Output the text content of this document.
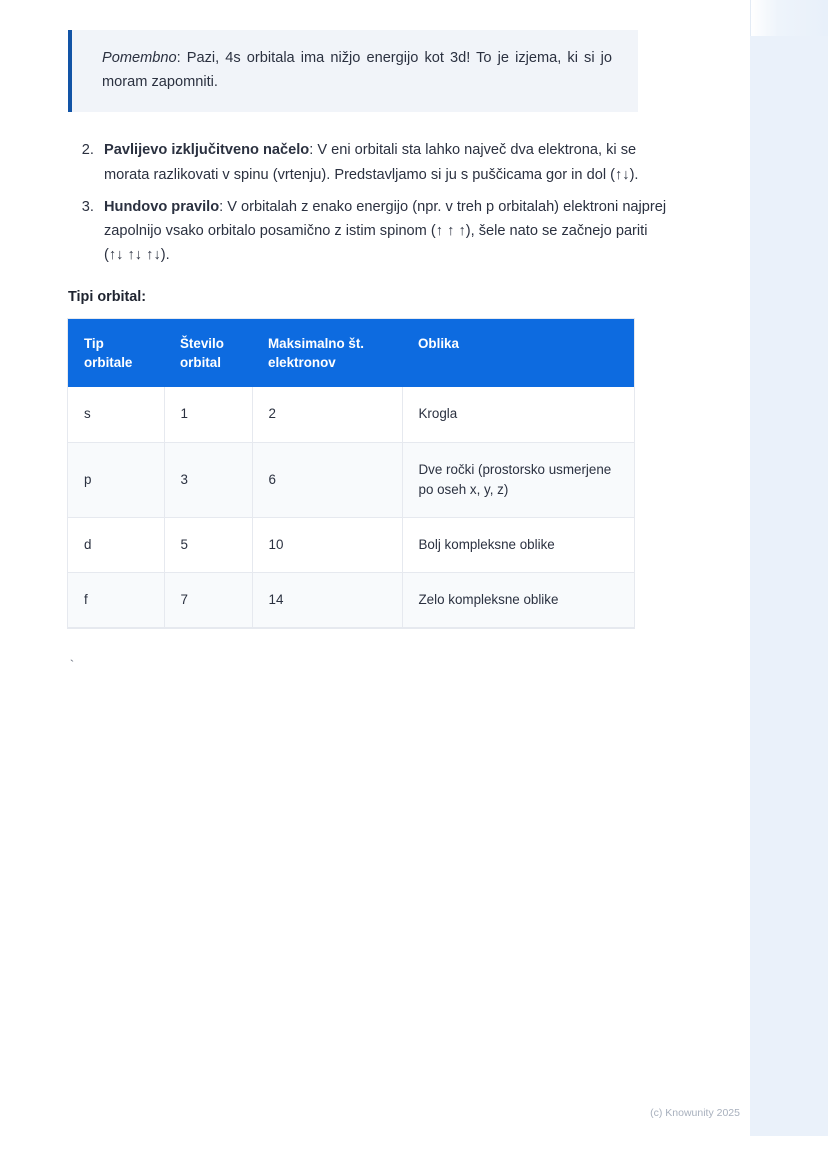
Pomembno: Pazi, 4s orbitala ima nižjo energijo kot 3d! To je izjema, ki si jo moram zapomniti.

2. Pavlijevo izključitveno načelo: V eni orbitali sta lahko največ dva elektrona, ki se morata razlikovati v spinu (vrtenju). Predstavljamo si ju s puščicama gor in dol (↑↓).
3. Hundovo pravilo: V orbitalah z enako energijo (npr. v treh p orbitalah) elektroni najprej zapolnijo vsako orbitalo posamično z istim spinom (↑ ↑ ↑), šele nato se začnejo pariti (↑↓ ↑↓ ↑↓).
Tipi orbital:
Tip orbitale	Število orbital	Maksimalno št. elektronov	Oblika
s	1	2	Krogla
p	3	6	Dve ročki (prostorsko usmerjene po oseh x, y, z)
d	5	10	Bolj kompleksne oblike
f	7	14	Zelo kompleksne oblike
`
(c) Knowunity 2025
